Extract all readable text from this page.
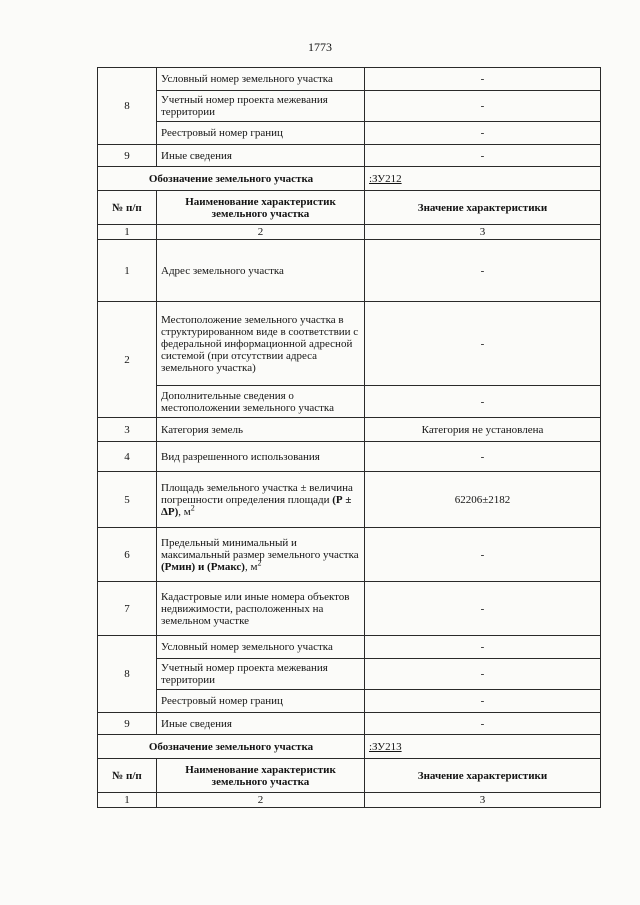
1773
8	Условный номер земельного участка	-
	Учетный номер проекта межевания территории	-
	Реестровый номер границ	-
9	Иные сведения	-
Обозначение земельного участка		:ЗУ212
№ п/п	Наименование характеристик земельного участка	Значение характеристики
1	2	3
1	Адрес земельного участка	-
2	Местоположение земельного участка в структурированном виде в соответствии с федеральной информационной адресной системой (при отсутствии адреса земельного участка)	-
	Дополнительные сведения о местоположении земельного участка	-
3	Категория земель	Категория не установлена
4	Вид разрешенного использования	-
5	Площадь земельного участка ± величина погрешности определения площади (Р ± ΔР), $м^2$	62206±2182
6	Предельный минимальный и максимальный размер земельного участка (Рмин) и (Рмакс), $м^2$	-
7	Кадастровые или иные номера объектов недвижимости, расположенных на земельном участке	-
8	Условный номер земельного участка	-
	Учетный номер проекта межевания территории	-
	Реестровый номер границ	-
9	Иные сведения	-
Обозначение земельного участка		:ЗУ213
№ п/п	Наименование характеристик земельного участка	Значение характеристики
1	2	3
